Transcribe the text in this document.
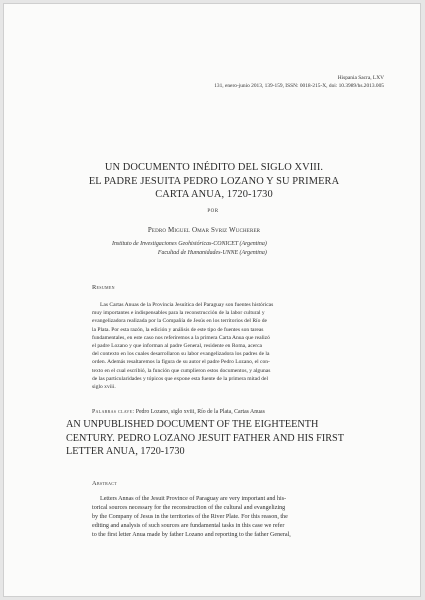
Hispania Sacra, LXV
131, enero-junio 2013, 139-159, ISSN: 0018-215-X, doi: 10.3989/hs.2013.005
UN DOCUMENTO INÉDITO DEL SIGLO XVIII.
EL PADRE JESUITA PEDRO LOZANO Y SU PRIMERA
CARTA ANUA, 1720-1730
POR
Pedro Miguel Omar Svriz Wucherer
Instituto de Investigaciones Geohistóricas-CONICET (Argentina)
Facultad de Humanidades-UNNE (Argentina)
Resumen
Las Cartas Anuas de la Provincia Jesuítica del Paraguay son fuentes históricas
muy importantes e indispensables para la reconstrucción de la labor cultural y
evangelizadora realizada por la Compañía de Jesús en los territorios del Río de
la Plata. Por esta razón, la edición y análisis de este tipo de fuentes son tareas
fundamentales, en este caso nos referiremos a la primera Carta Anua que realizó
el padre Lozano y que informan al padre General, residente en Roma, acerca
del contexto en los cuales desarrollaron su labor evangelizadora los padres de la
orden. Además resaltaremos la figura de su autor el padre Pedro Lozano, el con-
texto en el cual escribió, la función que cumplieron estos documentos, y algunas
de las particularidades y tópicos que expone esta fuente de la primera mitad del
siglo xviii.
Palabras clave: Pedro Lozano, siglo xviii, Río de la Plata, Cartas Anuas
AN UNPUBLISHED DOCUMENT OF THE EIGHTEENTH
CENTURY. PEDRO LOZANO JESUIT FATHER AND HIS FIRST
LETTER ANUA, 1720-1730
Abstract
Letters Annas of the Jesuit Province of Paraguay are very important and his-
torical sources necessary for the reconstruction of the cultural and evangelizing
by the Company of Jesus in the territories of the River Plate. For this reason, the
editing and analysis of such sources are fundamental tasks in this case we refer
to the first letter Anua made by father Lozano and reporting to the father General,
